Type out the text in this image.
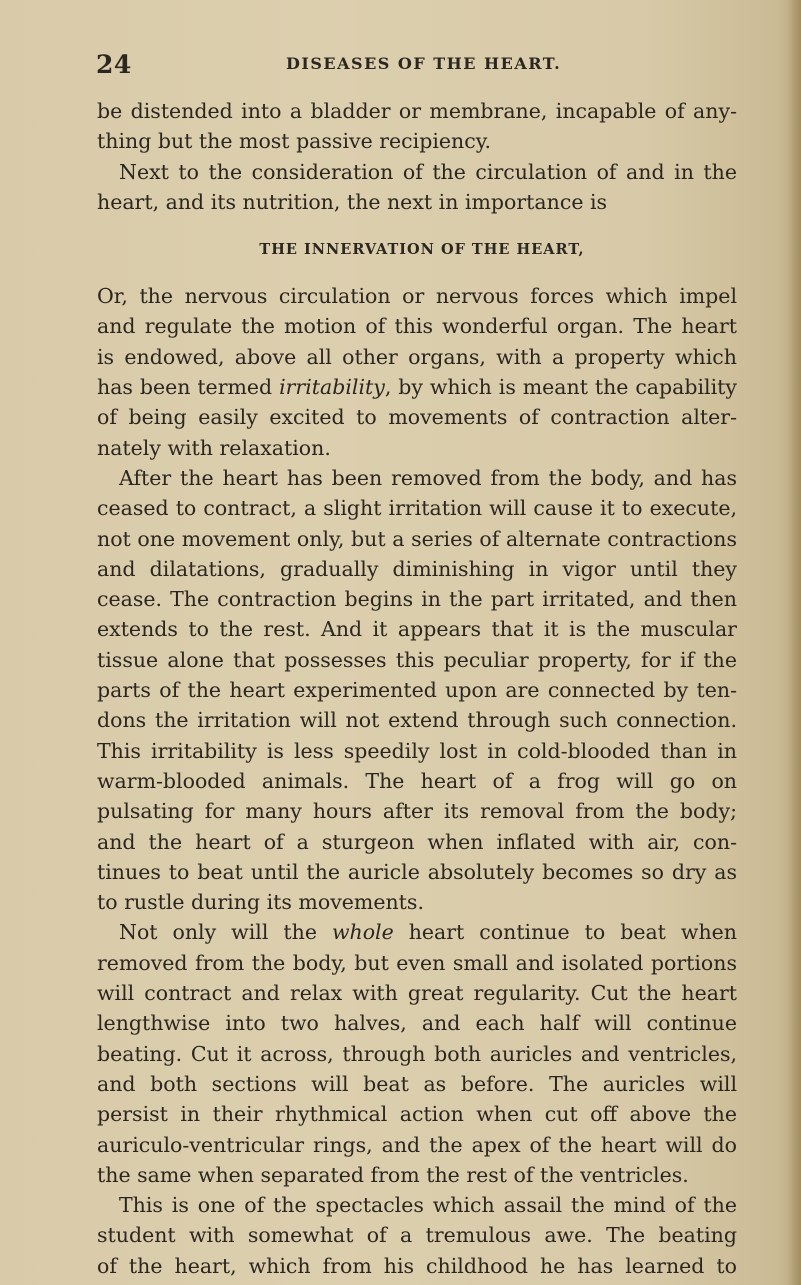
24	DISEASES OF THE HEART.
be distended into a bladder or membrane, incapable of any-
thing but the most passive recipiency.
Next to the consideration of the circulation of and in the
heart, and its nutrition, the next in importance is
THE INNERVATION OF THE HEART,
Or, the nervous circulation or nervous forces which impel
and regulate the motion of this wonderful organ. The heart
is endowed, above all other organs, with a property which
has been termed irritability, by which is meant the capability
of being easily excited to movements of contraction alter-
nately with relaxation.
After the heart has been removed from the body, and has
ceased to contract, a slight irritation will cause it to execute,
not one movement only, but a series of alternate contractions
and dilatations, gradually diminishing in vigor until they
cease. The contraction begins in the part irritated, and then
extends to the rest. And it appears that it is the muscular
tissue alone that possesses this peculiar property, for if the
parts of the heart experimented upon are connected by ten-
dons the irritation will not extend through such connection.
This irritability is less speedily lost in cold-blooded than in
warm-blooded animals. The heart of a frog will go on
pulsating for many hours after its removal from the body;
and the heart of a sturgeon when inflated with air, con-
tinues to beat until the auricle absolutely becomes so dry as
to rustle during its movements.
Not only will the whole heart continue to beat when
removed from the body, but even small and isolated portions
will contract and relax with great regularity. Cut the heart
lengthwise into two halves, and each half will continue
beating. Cut it across, through both auricles and ventricles,
and both sections will beat as before. The auricles will
persist in their rhythmical action when cut off above the
auriculo-ventricular rings, and the apex of the heart will do
the same when separated from the rest of the ventricles.
This is one of the spectacles which assail the mind of the
student with somewhat of a tremulous awe. The beating
of the heart, which from his childhood he has learned to
